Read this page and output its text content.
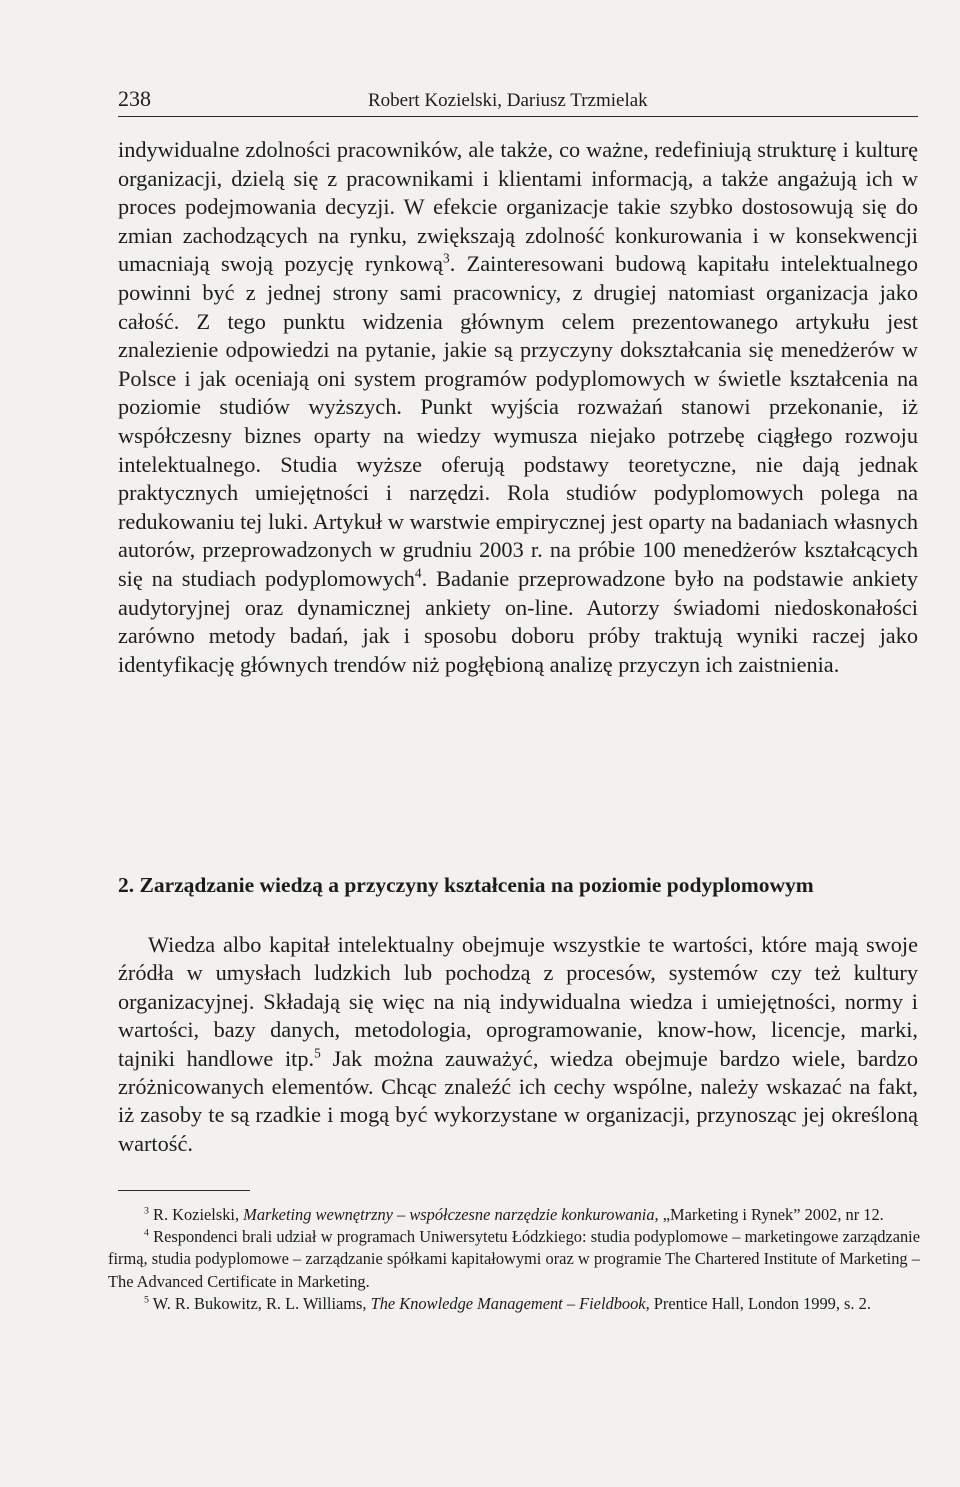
238	Robert Kozielski, Dariusz Trzmielak

indywidualne zdolności pracowników, ale także, co ważne, redefiniują strukturę i kulturę organizacji, dzielą się z pracownikami i klientami informacją, a także angażują ich w proces podejmowania decyzji. W efekcie organizacje takie szybko dostosowują się do zmian zachodzących na rynku, zwiększają zdolność konkurowania i w konsekwencji umacniają swoją pozycję rynkową$^3$. Zainteresowani budową kapitału intelektualnego powinni być z jednej strony sami pracownicy, z drugiej natomiast organizacja jako całość. Z tego punktu widzenia głównym celem prezentowanego artykułu jest znalezienie odpowiedzi na pytanie, jakie są przyczyny dokształcania się menedżerów w Polsce i jak oceniają oni system programów podyplomowych w świetle kształcenia na poziomie studiów wyższych. Punkt wyjścia rozważań stanowi przekonanie, iż współczesny biznes oparty na wiedzy wymusza niejako potrzebę ciągłego rozwoju intelektualnego. Studia wyższe oferują podstawy teoretyczne, nie dają jednak praktycznych umiejętności i narzędzi. Rola studiów podyplomowych polega na redukowaniu tej luki. Artykuł w warstwie empirycznej jest oparty na badaniach własnych autorów, przeprowadzonych w grudniu 2003 r. na próbie 100 menedżerów kształcących się na studiach podyplomowych$^4$. Badanie przeprowadzone było na podstawie ankiety audytoryjnej oraz dynamicznej ankiety on-line. Autorzy świadomi niedoskonałości zarówno metody badań, jak i sposobu doboru próby traktują wyniki raczej jako identyfikację głównych trendów niż pogłębioną analizę przyczyn ich zaistnienia.

2. Zarządzanie wiedzą a przyczyny kształcenia na poziomie podyplomowym

Wiedza albo kapitał intelektualny obejmuje wszystkie te wartości, które mają swoje źródła w umysłach ludzkich lub pochodzą z procesów, systemów czy też kultury organizacyjnej. Składają się więc na nią indywidualna wiedza i umiejętności, normy i wartości, bazy danych, metodologia, oprogramowanie, know-how, licencje, marki, tajniki handlowe itp.$^5$ Jak można zauważyć, wiedza obejmuje bardzo wiele, bardzo zróżnicowanych elementów. Chcąc znaleźć ich cechy wspólne, należy wskazać na fakt, iż zasoby te są rzadkie i mogą być wykorzystane w organizacji, przynosząc jej określoną wartość.

$^3$ R. Kozielski, Marketing wewnętrzny – współczesne narzędzie konkurowania, „Marketing i Rynek” 2002, nr 12.

$^4$ Respondenci brali udział w programach Uniwersytetu Łódzkiego: studia podyplomowe – marketingowe zarządzanie firmą, studia podyplomowe – zarządzanie spółkami kapitałowymi oraz w programie The Chartered Institute of Marketing – The Advanced Certificate in Marketing.

$^5$ W. R. Bukowitz, R. L. Williams, The Knowledge Management – Fieldbook, Prentice Hall, London 1999, s. 2.
